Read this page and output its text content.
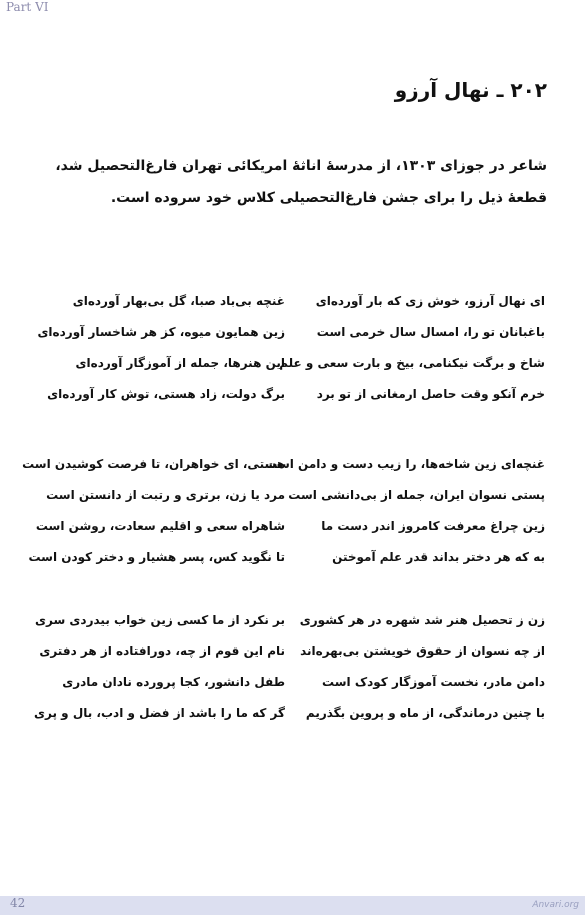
Part VI
۲۰۲ ـ نهال آرزو
شاعر در جوزای ۱۳۰۳، از مدرسهٔ اناثهٔ امریکائی تهران فارغ‌التحصیل شد، قطعهٔ ذیل را برای جشن فارغ‌التحصیلی کلاس خود سروده است.
ای نهال آرزو، خوش زی که بار آورده‌ای
باغبانان تو را، امسال سال خرمی است
شاخ و برگت نیکنامی، بیخ و بارت سعی و علم
خرم آنکو وقت حاصل ارمغانی از تو برد
غنچه بی‌باد صبا، گل بی‌بهار آورده‌ای
زین همایون میوه، کز هر شاخسار آورده‌ای
این هنرها، جمله از آموزگار آورده‌ای
برگ دولت، زاد هستی، توش کار آورده‌ای
غنچه‌ای زین شاخه‌ها، را زیب دست و دامن است
پستی نسوان ایران، جمله از بی‌دانشی است
زین چراغ معرفت کامروز اندر دست ما
به که هر دختر بداند قدر علم آموختن
هستی، ای خواهران، تا فرصت کوشیدن است
مرد یا زن، برتری و رتبت از دانستن است
شاهراه سعی و اقلیم سعادت، روشن است
تا نگوید کس، پسر هشیار و دختر کودن است
زن ز تحصیل هنر شد شهره در هر کشوری
از چه نسوان از حقوق خویشتن بی‌بهره‌اند
دامن مادر، نخست آموزگار کودک است
با چنین درماندگی، از ماه و پروین بگذریم
بر نکرد از ما کسی زین خواب بیدردی سری
نام این قوم از چه، دورافتاده از هر دفتری
طفل دانشور، کجا پرورده نادان مادری
گر که ما را باشد از فضل و ادب، بال و پری
42	Anvari.org
